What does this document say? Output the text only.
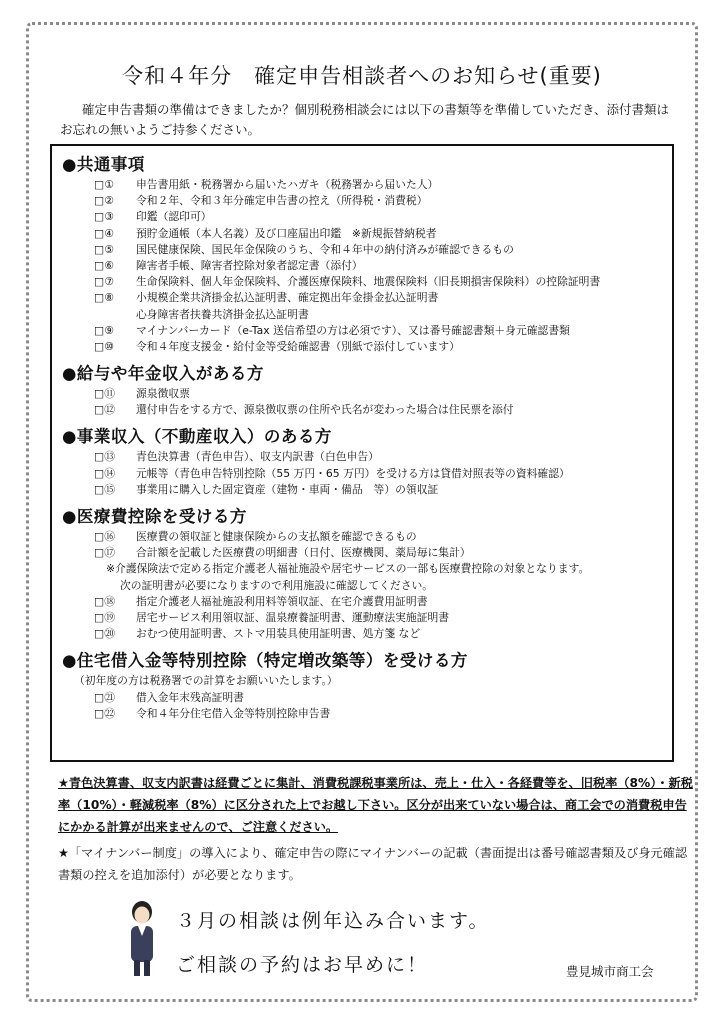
令和４年分　確定申告相談者へのお知らせ(重要)
確定申告書類の準備はできましたか？個別税務相談会には以下の書類等を準備していただき、添付書類はお忘れの無いようご持参ください。
●共通事項
□① 申告書用紙・税務署から届いたハガキ（税務署から届いた人）
□② 令和２年、令和３年分確定申告書の控え（所得税・消費税）
□③ 印鑑（認印可）
□④ 預貯金通帳（本人名義）及び口座届出印鑑　※新規振替納税者
□⑤ 国民健康保険、国民年金保険のうち、令和４年中の納付済みが確認できるもの
□⑥ 障害者手帳、障害者控除対象者認定書（添付）
□⑦ 生命保険料、個人年金保険料、介護医療保険料、地震保険料（旧長期損害保険料）の控除証明書
□⑧ 小規模企業共済掛金払込証明書、確定拠出年金掛金払込証明書
心身障害者扶養共済掛金払込証明書
□⑨ マイナンバーカード（e-Tax 送信希望の方は必須です）、又は番号確認書類＋身元確認書類
□⑩ 令和４年度支援金・給付金等受給確認書（別紙で添付しています）
●給与や年金収入がある方
□⑪ 源泉徴収票
□⑫ 還付申告をする方で、源泉徴収票の住所や氏名が変わった場合は住民票を添付
●事業収入（不動産収入）のある方
□⑬ 青色決算書（青色申告）、収支内訳書（白色申告）
□⑭ 元帳等（青色申告特別控除（55 万円・65 万円）を受ける方は貸借対照表等の資料確認）
□⑮ 事業用に購入した固定資産（建物・車両・備品　等）の領収証
●医療費控除を受ける方
□⑯ 医療費の領収証と健康保険からの支払額を確認できるもの
□⑰ 合計額を記載した医療費の明細書（日付、医療機関、薬局毎に集計）
※介護保険法で定める指定介護老人福祉施設や居宅サービスの一部も医療費控除の対象となります。
次の証明書が必要になりますので利用施設に確認してください。
□⑱ 指定介護老人福祉施設利用料等領収証、在宅介護費用証明書
□⑲ 居宅サービス利用領収証、温泉療養証明書、運動療法実施証明書
□⑳ おむつ使用証明書、ストマ用装具使用証明書、処方箋 など
●住宅借入金等特別控除（特定増改築等）を受ける方
（初年度の方は税務署での計算をお願いいたします。）
□㉑ 借入金年末残高証明書
□㉒ 令和４年分住宅借入金等特別控除申告書
★青色決算書、収支内訳書は経費ごとに集計、消費税課税事業所は、売上・仕入・各経費等を、旧税率（8%）・新税率（10%）・軽減税率（8%）に区分された上でお越し下さい。区分が出来ていない場合は、商工会での消費税申告にかかる計算が出来ませんので、ご注意ください。
★「マイナンバー制度」の導入により、確定申告の際にマイナンバーの記載（書面提出は番号確認書類及び身元確認書類の控えを追加添付）が必要となります。
３月の相談は例年込み合います。
ご相談の予約はお早めに！	豊見城市商工会
